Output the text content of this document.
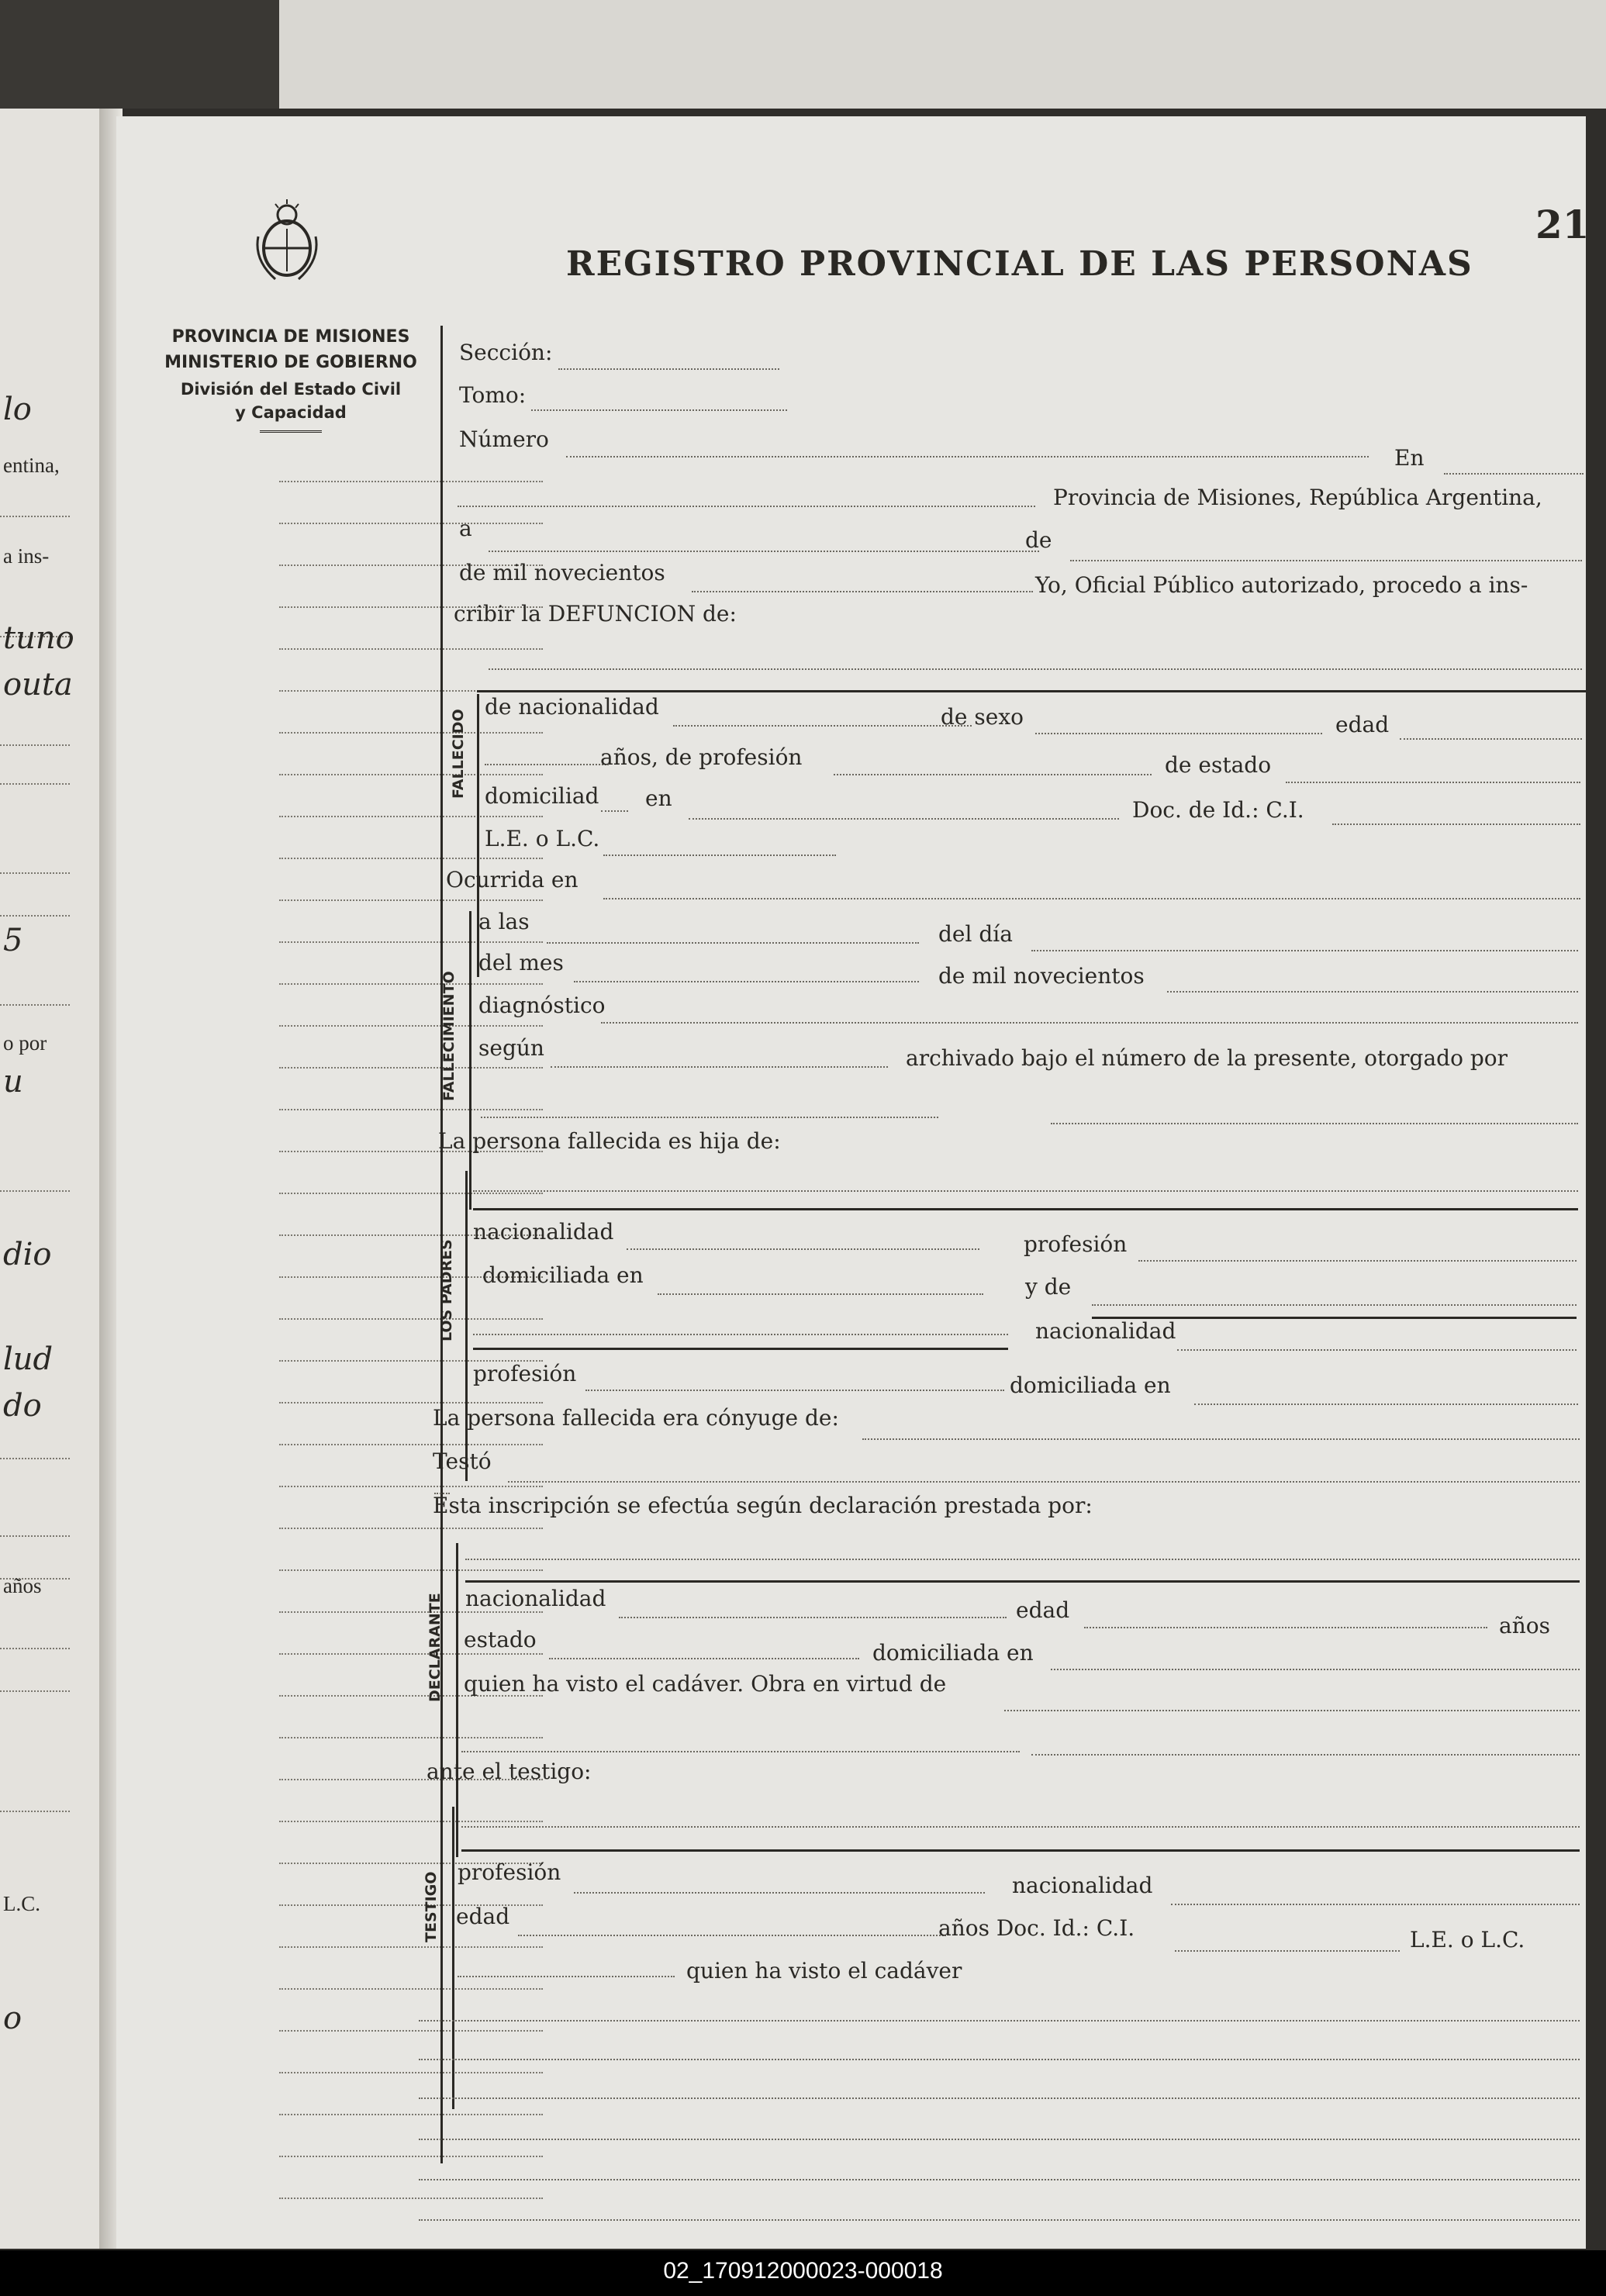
lo
entina,
a ins-
tuno
outa
5
o por
u
dio
lud
do
años
L.C.
o
PROVINCIA DE MISIONES
MINISTERIO DE GOBIERNO
División del Estado Civil
y Capacidad
REGISTRO PROVINCIAL DE LAS PERSONAS
21
Sección:
Tomo:
Número
En
Provincia de Misiones, República Argentina,
a	de
de mil novecientos	Yo, Oficial Público autorizado, procedo a ins-
cribir la DEFUNCION de:
FALLECIDO
de nacionalidad	de sexo	edad
años, de profesión	de estado
domiciliad en	Doc. de Id.: C.I.
L.E. o L.C.
Ocurrida en
FALLECIMIENTO
a las	del día
del mes
de mil novecientos
diagnóstico
según	archivado bajo el número de la presente, otorgado por
La persona fallecida es hija de:
LOS PADRES
nacionalidad	profesión
domiciliada en	y de
nacionalidad
profesión	domiciliada en
La persona fallecida era cónyuge de:
Testó
Esta inscripción se efectúa según declaración prestada por:
DECLARANTE nacionalidad	edad
años
estado
domiciliada en
quien ha visto el cadáver. Obra en virtud de
ante el testigo:
TESTIGO profesión
nacionalidad
edad	años Doc. Id.: C.I.	L.E. o L.C.
quien ha visto el cadáver
02_170912000023-000018
